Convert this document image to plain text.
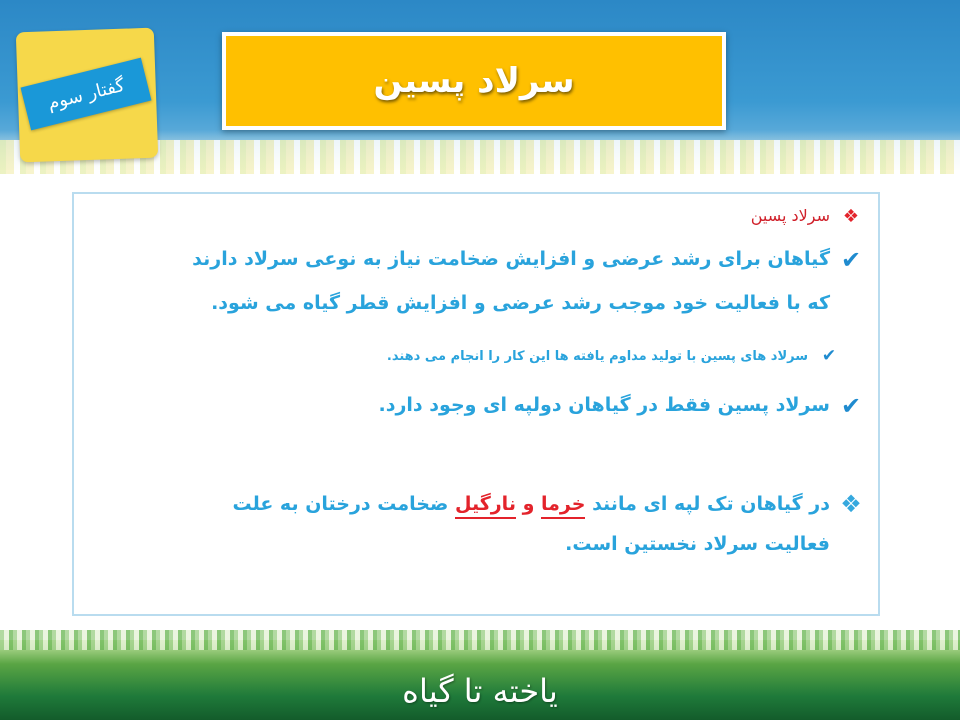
گفتار سوم	سرلاد پسین
❖
سرلاد پسین
✔
گیاهان برای رشد عرضی و افزایش ضخامت نیاز به نوعی سرلاد دارند
که با فعالیت خود موجب رشد عرضی و افزایش قطر گیاه می شود.
✔
سرلاد های پسین با تولید مداوم یافته ها این کار را انجام می دهند.
✔
سرلاد پسین فقط در گیاهان دولپه ای وجود دارد.
❖
در گیاهان تک لپه ای مانند خرما و نارگیل ضخامت درختان به علت
فعالیت سرلاد نخستین است.
یاخته تا گیاه
